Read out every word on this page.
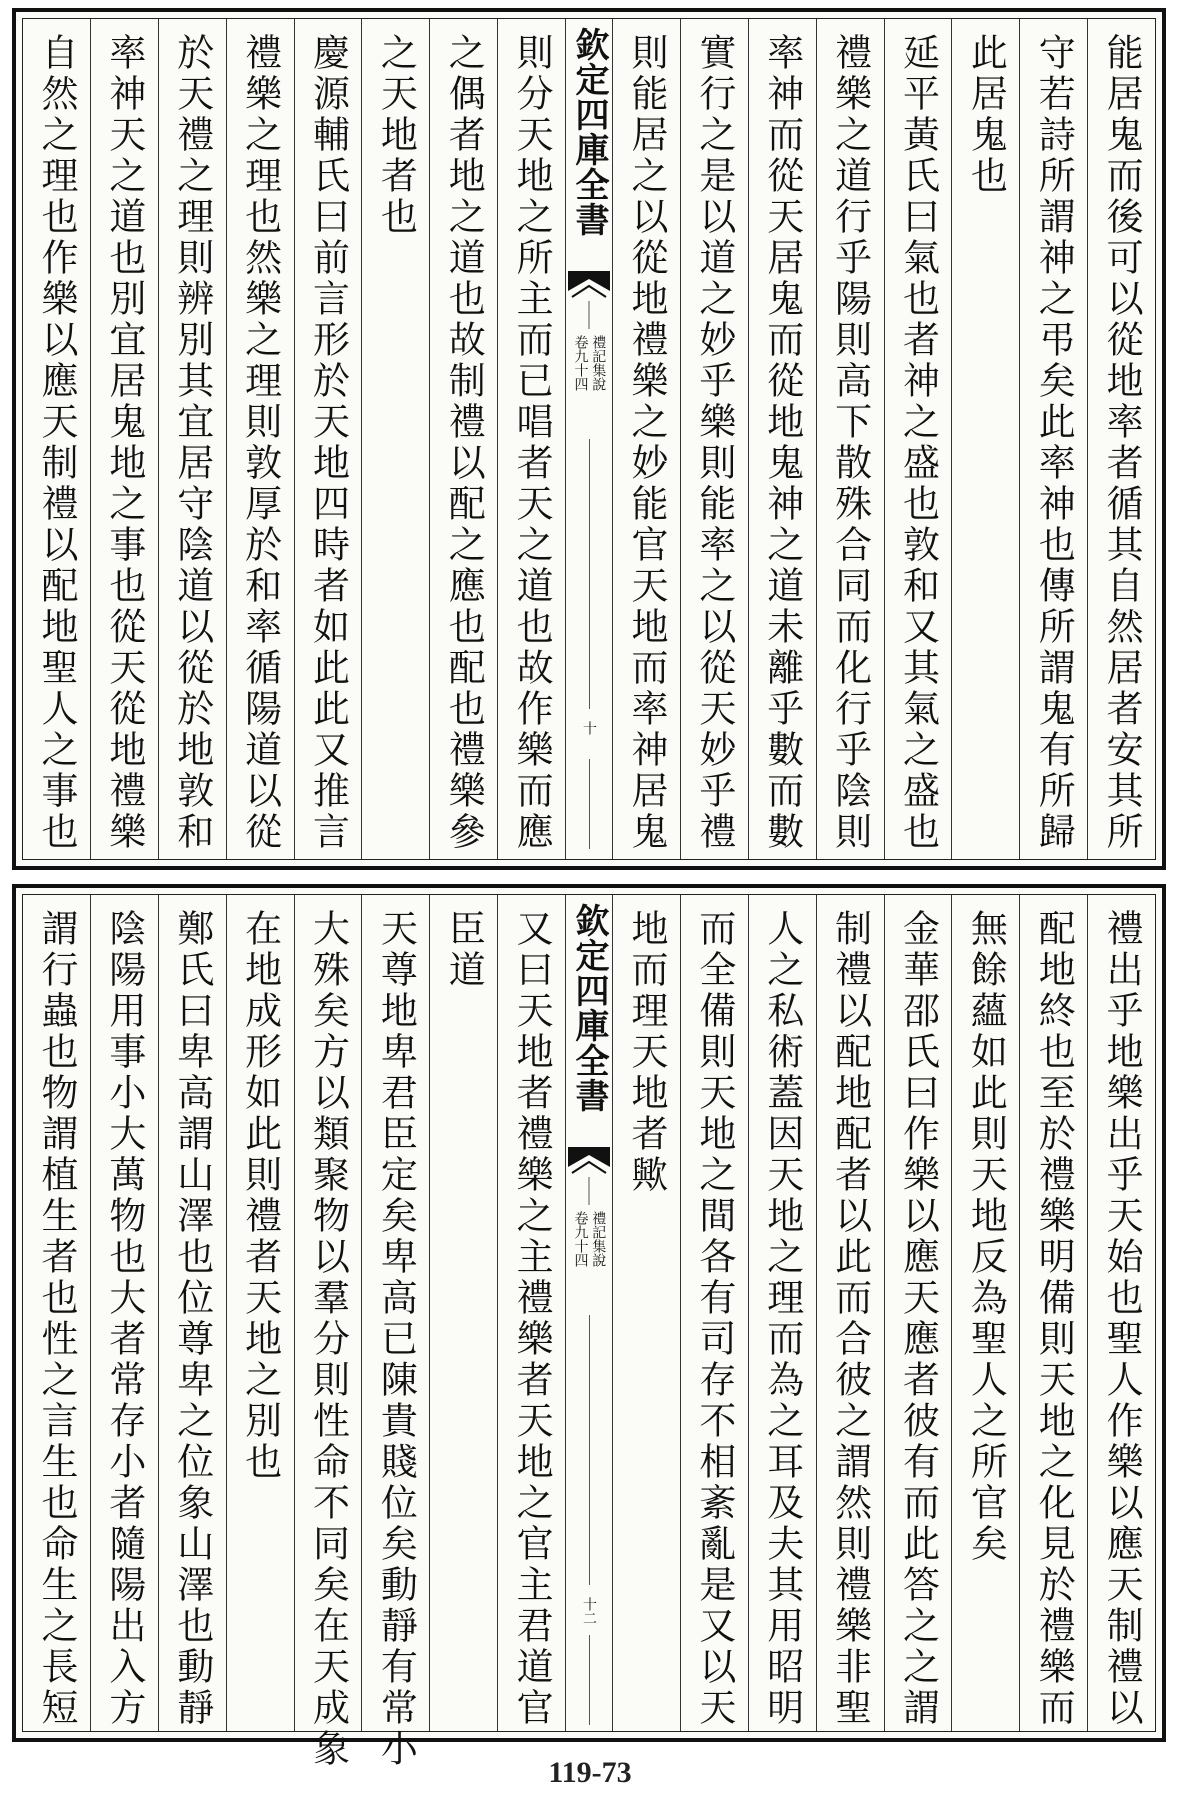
能居鬼而後可以從地率者循其自然居者安其所
守若詩所謂神之弔矣此率神也傳所謂鬼有所歸
此居鬼也
延平黃氏曰氣也者神之盛也敦和又其氣之盛也
禮樂之道行乎陽則高下散殊合同而化行乎陰則
率神而從天居鬼而從地鬼神之道未離乎數而數
實行之是以道之妙乎樂則能率之以從天妙乎禮
則能居之以從地禮樂之妙能官天地而率神居鬼
欽定四庫全書
禮記集說
卷九十四
十
則分天地之所主而已唱者天之道也故作樂而應
之偶者地之道也故制禮以配之應也配也禮樂參
之天地者也
慶源輔氏曰前言形於天地四時者如此此又推言
禮樂之理也然樂之理則敦厚於和率循陽道以從
於天禮之理則辨別其宜居守陰道以從於地敦和
率神天之道也別宜居鬼地之事也從天從地禮樂
自然之理也作樂以應天制禮以配地聖人之事也
禮出乎地樂出乎天始也聖人作樂以應天制禮以
配地終也至於禮樂明備則天地之化見於禮樂而
無餘蘊如此則天地反為聖人之所官矣
金華邵氏曰作樂以應天應者彼有而此答之之謂
制禮以配地配者以此而合彼之謂然則禮樂非聖
人之私術蓋因天地之理而為之耳及夫其用昭明
而全備則天地之間各有司存不相紊亂是又以天
地而理天地者歟
欽定四庫全書
禮記集說
卷九十四
十二
又曰天地者禮樂之主禮樂者天地之官主君道官
臣道
天尊地卑君臣定矣卑高已陳貴賤位矣動靜有常小
大殊矣方以類聚物以羣分則性命不同矣在天成象
在地成形如此則禮者天地之別也
鄭氏曰卑高謂山澤也位尊卑之位象山澤也動靜
陰陽用事小大萬物也大者常存小者隨陽出入方
謂行蟲也物謂植生者也性之言生也命生之長短
119-73
